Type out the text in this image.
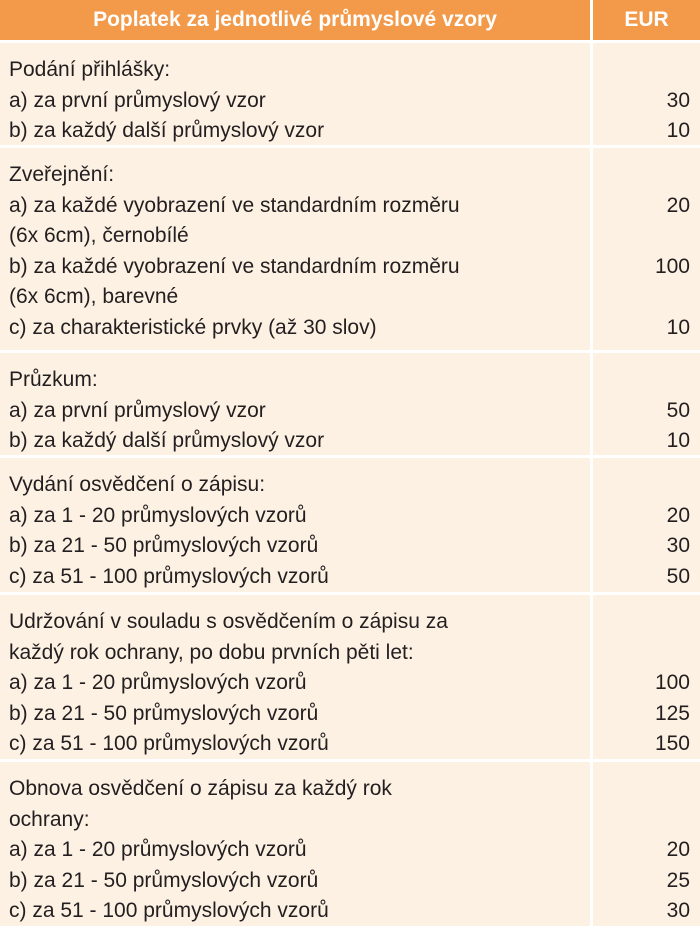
Poplatek za jednotlivé průmyslové vzory	EUR
Podání přihlášky:
a) za první průmyslový vzor
b) za každý další průmyslový vzor
30
10
Zveřejnění:
a) za každé vyobrazení ve standardním rozměru
(6x 6cm), černobílé
b) za každé vyobrazení ve standardním rozměru
(6x 6cm), barevné
c) za charakteristické prvky (až 30 slov)
20
100
10
Průzkum:
a) za první průmyslový vzor
b) za každý další průmyslový vzor
50
10
Vydání osvědčení o zápisu:
a) za 1 - 20 průmyslových vzorů
b) za 21 - 50 průmyslových vzorů
c) za 51 - 100 průmyslových vzorů
20
30
50
Udržování v souladu s osvědčením o zápisu za
každý rok ochrany, po dobu prvních pěti let:
a) za 1 - 20 průmyslových vzorů
b) za 21 - 50 průmyslových vzorů
c) za 51 - 100 průmyslových vzorů
100
125
150
Obnova osvědčení o zápisu za každý rok
ochrany:
a) za 1 - 20 průmyslových vzorů
b) za 21 - 50 průmyslových vzorů
c) za 51 - 100 průmyslových vzorů
20
25
30
